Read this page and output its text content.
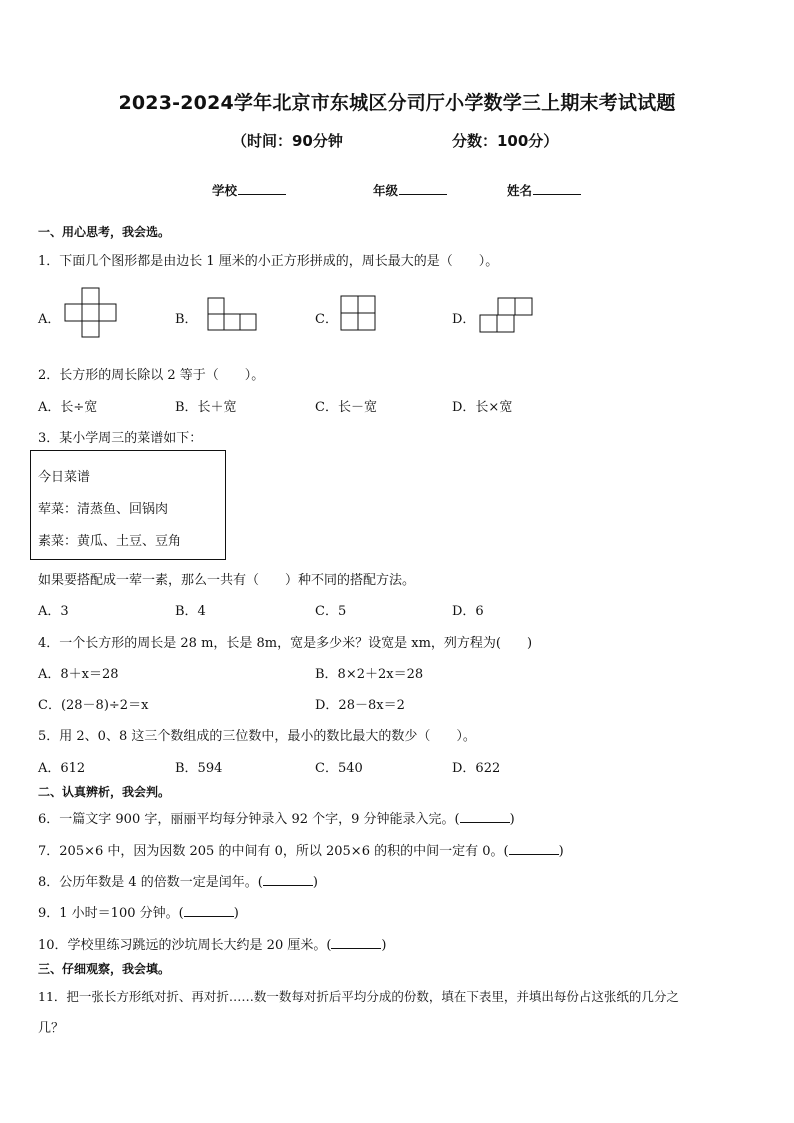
2023-2024学年北京市东城区分司厅小学数学三上期末考试试题
（时间：90分钟	分数：100分）
学校	年级	姓名
一、用心思考，我会选。
1．下面几个图形都是由边长 1 厘米的小正方形拼成的，周长最大的是（　　）。
A．	B．	C．	D．
2．长方形的周长除以 2 等于（　　）。
A．长÷宽	B．长＋宽	C．长－宽	D．长×宽
3．某小学周三的菜谱如下：
今日菜谱
荤菜：清蒸鱼、回锅肉
素菜：黄瓜、土豆、豆角
如果要搭配成一荤一素，那么一共有（　　）种不同的搭配方法。
A．3	B．4	C．5	D．6
4．一个长方形的周长是 28 m，长是 8m，宽是多少米？设宽是 xm，列方程为(　　)
A．8＋x＝28	B．8×2＋2x＝28
C．(28－8)÷2＝x	D．28－8x＝2
5．用 2、0、8 这三个数组成的三位数中，最小的数比最大的数少（　　）。
A．612	B．594	C．540	D．622
二、认真辨析，我会判。
6．一篇文字 900 字，丽丽平均每分钟录入 92 个字，9 分钟能录入完。(	)
7．205×6 中，因为因数 205 的中间有 0，所以 205×6 的积的中间一定有 0。(	)
8．公历年数是 4 的倍数一定是闰年。(	)
9．1 小时＝100 分钟。(	)
10．学校里练习跳远的沙坑周长大约是 20 厘米。(	)
三、仔细观察，我会填。
11．把一张长方形纸对折、再对折……数一数每对折后平均分成的份数，填在下表里，并填出每份占这张纸的几分之
几？
